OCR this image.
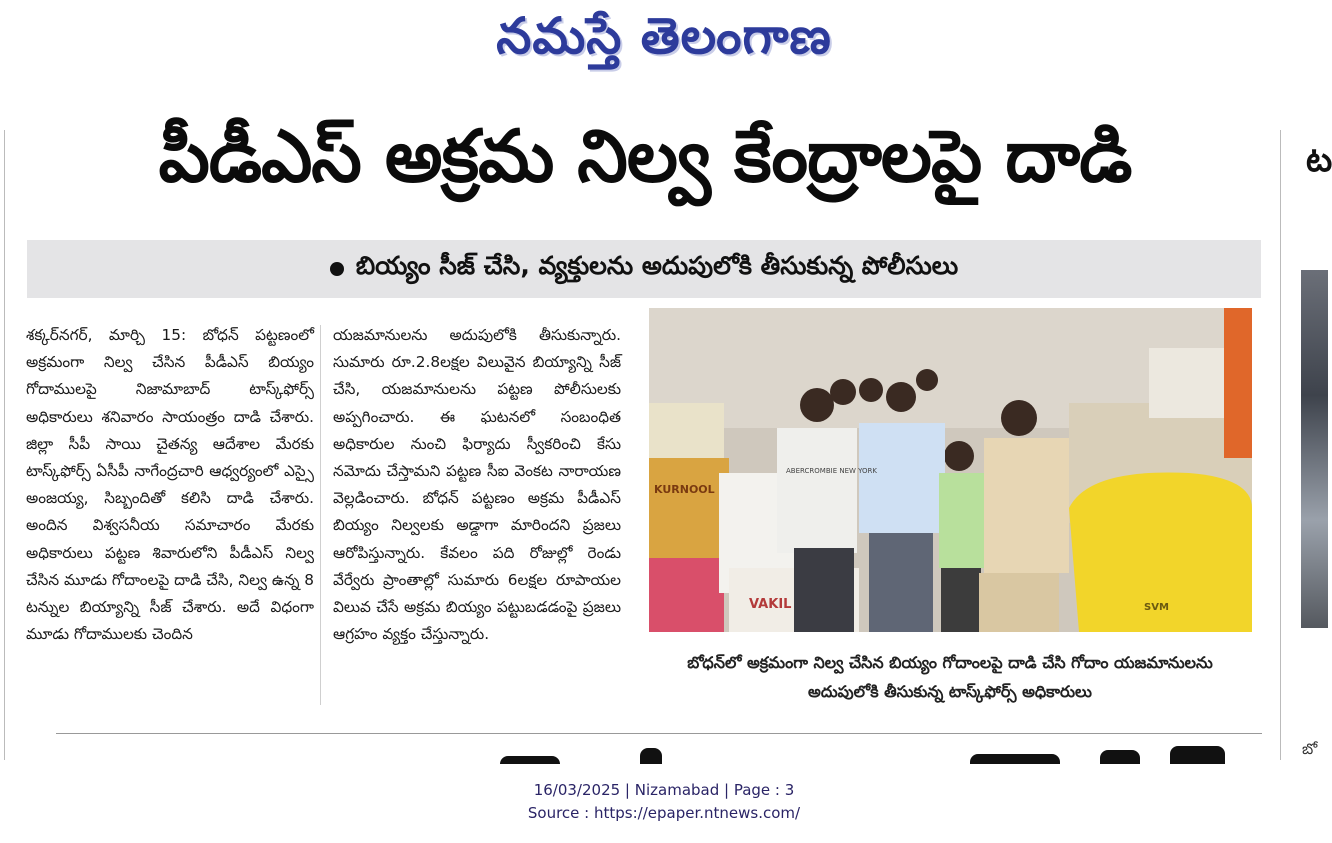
నమస్తే తెలంగాణ
పీడీఎస్ అక్రమ నిల్వ కేంద్రాలపై దాడి
బియ్యం సీజ్ చేసి, వ్యక్తులను అదుపులోకి తీసుకున్న పోలీసులు
శక్కర్‌నగర్, మార్చి 15: బోధన్ పట్టణంలో అక్రమంగా నిల్వ చేసిన పీడీఎస్ బియ్యం గోదాములపై నిజామాబాద్ టాస్క్‌ఫోర్స్ అధికారులు శనివారం సాయంత్రం దాడి చేశారు. జిల్లా సీపీ సాయి చైతన్య ఆదేశాల మేరకు టాస్క్‌ఫోర్స్ ఏసీపీ నాగేంద్రచారి ఆధ్వర్యంలో ఎస్సై అంజయ్య, సిబ్బందితో కలిసి దాడి చేశారు. అందిన విశ్వసనీయ సమాచారం మేరకు అధికారులు పట్టణ శివారులోని పీడీఎస్ నిల్వ చేసిన మూడు గోదాంలపై దాడి చేసి, నిల్వ ఉన్న 8 టన్నుల బియ్యాన్ని సీజ్ చేశారు. అదే విధంగా మూడు గోదాములకు చెందిన
యజమానులను అదుపులోకి తీసుకున్నారు. సుమారు రూ.2.8లక్షల విలువైన బియ్యాన్ని సీజ్ చేసి, యజమానులను పట్టణ పోలీసులకు అప్పగించారు. ఈ ఘటనలో సంబంధిత అధికారుల నుంచి ఫిర్యాదు స్వీకరించి కేసు నమోదు చేస్తామని పట్టణ సీఐ వెంకట నారాయణ వెల్లడించారు. బోధన్ పట్టణం అక్రమ పీడీఎస్ బియ్యం నిల్వలకు అడ్డాగా మారిందని ప్రజలు ఆరోపిస్తున్నారు. కేవలం పది రోజుల్లో రెండు వేర్వేరు ప్రాంతాల్లో సుమారు 6లక్షల రూపాయల విలువ చేసే అక్రమ బియ్యం పట్టుబడడంపై ప్రజలు ఆగ్రహం వ్యక్తం చేస్తున్నారు.
KURNOOL
ABERCROMBIE NEW YORK
VAKIL	SVM
బోధన్‌లో అక్రమంగా నిల్వ చేసిన బియ్యం గోదాంలపై దాడి చేసి గోదాం యజమానులను అదుపులోకి తీసుకున్న టాస్క్‌ఫోర్స్ అధికారులు
ట
బో
16/03/2025 | Nizamabad | Page : 3
Source : https://epaper.ntnews.com/
